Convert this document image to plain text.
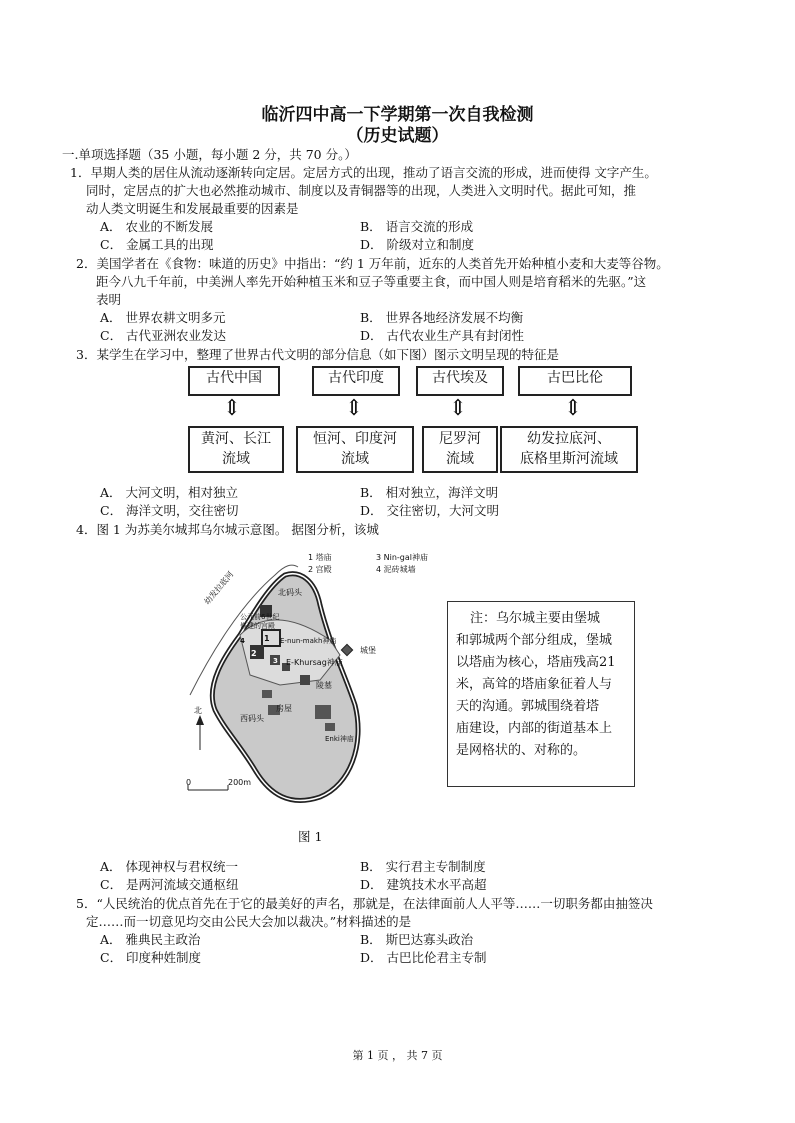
临沂四中高一下学期第一次自我检测
（历史试题）
一.单项选择题（35 小题，每小题 2 分，共 70 分。）
1．早期人类的居住从流动逐渐转向定居。定居方式的出现，推动了语言交流的形成，进而使得 文字产生。
同时，定居点的扩大也必然推动城市、制度以及青铜器等的出现，人类进入文明时代。据此可知，推
动人类文明诞生和发展最重要的因素是
A． 农业的不断发展	B． 语言交流的形成
C． 金属工具的出现	D． 阶级对立和制度
2．美国学者在《食物：味道的历史》中指出：“约 1 万年前，近东的人类首先开始种植小麦和大麦等谷物。
距今八九千年前，中美洲人率先开始种植玉米和豆子等重要主食，而中国人则是培育稻米的先驱。”这
表明
A． 世界农耕文明多元	B． 世界各地经济发展不均衡
C． 古代亚洲农业发达	D． 古代农业生产具有封闭性
3．某学生在学习中，整理了世界古代文明的部分信息（如下图）图示文明呈现的特征是
古代中国	古代印度	古代埃及	古巴比伦
⇕	⇕	⇕	⇕
黄河、长江
流域
恒河、印度河
流域
尼罗河
流域
幼发拉底河、
底格里斯河流域
A． 大河文明，相对独立	B． 相对独立，海洋文明
C． 海洋文明，交往密切	D． 交往密切，大河文明
4．图 1 为苏美尔城邦乌尔城示意图。 据图分析，该城
1 塔庙
2 宫殿
3 Nin-gal神庙
4 泥砖城墙
幼发拉底河	北码头
公元前6世纪
修建的宫殿
E-nun-makh神庙
城堡
E-Khursag神庙
陵墓
房屋
西码头
Enki神庙
北
0	200m
1
2
3
4
注：乌尔城主要由堡城
和郭城两个部分组成，堡城
以塔庙为核心，塔庙残高21
米，高耸的塔庙象征着人与
天的沟通。郭城围绕着塔
庙建设，内部的街道基本上
是网格状的、对称的。
图 1
A． 体现神权与君权统一	B． 实行君主专制制度
C． 是两河流域交通枢纽	D． 建筑技术水平高超
5．“人民统治的优点首先在于它的最美好的声名，那就是，在法律面前人人平等……一切职务都由抽签决
定……而一切意见均交由公民大会加以裁决。”材料描述的是
A． 雅典民主政治	B． 斯巴达寡头政治
C． 印度种姓制度	D． 古巴比伦君主专制
第 1 页 ， 共 7 页
